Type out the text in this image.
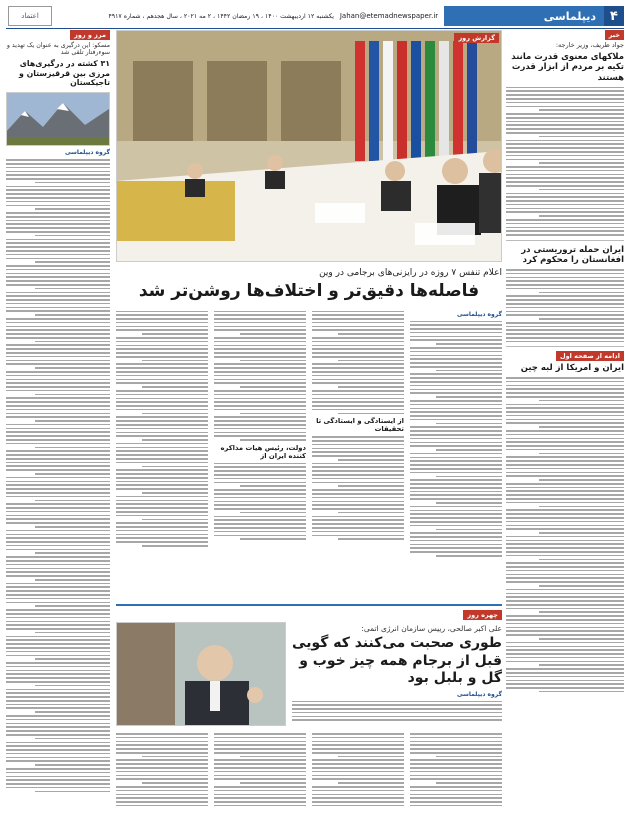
۴
دیپلماسی
Jahan@etemadnewspaper.ir
یکشنبه ۱۲ اردیبهشت ۱۴۰۰ ، ۱۹ رمضان ۱۴۴۲ ، ۲ مه ۲۰۲۱ ، سال هجدهم ، شماره ۴۹۱۷
اعتماد
خبر
جواد ظریف، وزیر خارجه:
ملاکهای معنوی قدرت مانند تکیه بر مردم از ابزار قدرت هستند
ایران حمله تروریستی در افغانستان را محکوم کرد
ادامه از صفحه اول
ایران و امریکا از لبه چین
گزارش روز
اعلام تنفس ۷ روزه در رایزنی‌های برجامی در وین
فاصله‌ها دقیق‌تر و اختلاف‌ها روشن‌تر شد
گروه دیپلماسی
از ایستادگی و ایستادگی تا تحقیقات
دولت، رئیس هیات مذاکره کننده ایران از
چهره روز
علی اکبر صالحی، رییس سازمان انرژی اتمی:
طوری صحبت می‌کنند که گویی قبل از برجام همه چیز خوب و گل و بلبل بود
گروه دیپلماسی
مرز و روز
مسکو: این درگیری به عنوان یک تهدید و سوءرفتار تلقی شد
۳۱ کشته در درگیری‌های مرزی بین قرقیزستان و تاجیکستان
گروه دیپلماسی
